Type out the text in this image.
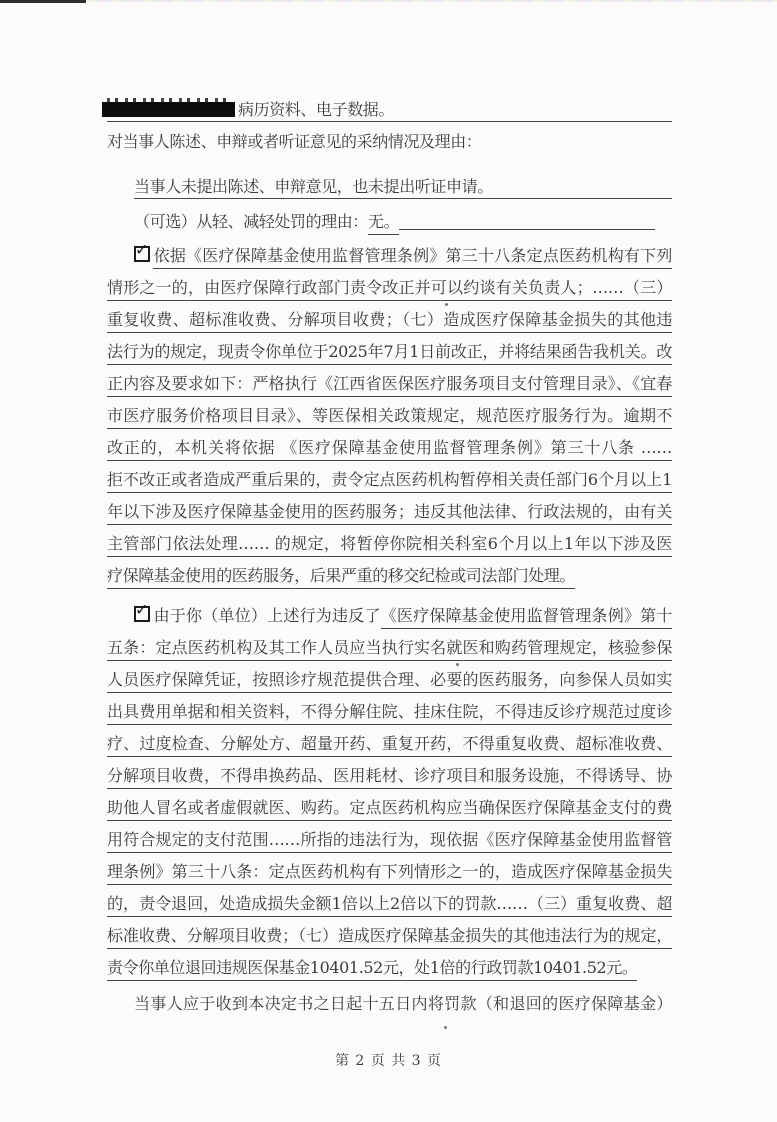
病历资料、电子数据。
对当事人陈述、申辩或者听证意见的采纳情况及理由：
当事人未提出陈述、申辩意见，也未提出听证申请。
（可选）从轻、减轻处罚的理由：无。
✓ 依据《医疗保障基金使用监督管理条例》第三十八条定点医药机构有下列
情形之一的，由医疗保障行政部门责令改正并可以约谈有关负责人；……（三）
重复收费、超标准收费、分解项目收费；（七）造成医疗保障基金损失的其他违
法行为的规定，现责令你单位于2025年7月1日前改正，并将结果函告我机关。改
正内容及要求如下：严格执行《江西省医保医疗服务项目支付管理目录》、《宜春
市医疗服务价格项目目录》、等医保相关政策规定，规范医疗服务行为。逾期不
改正的，本机关将依据 《医疗保障基金使用监督管理条例》第三十八条 ……
拒不改正或者造成严重后果的，责令定点医药机构暂停相关责任部门6个月以上1
年以下涉及医疗保障基金使用的医药服务；违反其他法律、行政法规的，由有关
主管部门依法处理…… 的规定，将暂停你院相关科室6个月以上1年以下涉及医
疗保障基金使用的医药服务，后果严重的移交纪检或司法部门处理。
✓ 由于你（单位）上述行为违反了《医疗保障基金使用监督管理条例》第十
五条：定点医药机构及其工作人员应当执行实名就医和购药管理规定，核验参保
人员医疗保障凭证，按照诊疗规范提供合理、必要的医药服务，向参保人员如实
出具费用单据和相关资料，不得分解住院、挂床住院，不得违反诊疗规范过度诊
疗、过度检查、分解处方、超量开药、重复开药，不得重复收费、超标准收费、
分解项目收费，不得串换药品、医用耗材、诊疗项目和服务设施，不得诱导、协
助他人冒名或者虚假就医、购药。定点医药机构应当确保医疗保障基金支付的费
用符合规定的支付范围……所指的违法行为，现依据《医疗保障基金使用监督管
理条例》第三十八条：定点医药机构有下列情形之一的，造成医疗保障基金损失
的，责令退回，处造成损失金额1倍以上2倍以下的罚款……（三）重复收费、超
标准收费、分解项目收费；（七）造成医疗保障基金损失的其他违法行为的规定，
责令你单位退回违规医保基金10401.52元，处1倍的行政罚款10401.52元。
当事人应于收到本决定书之日起十五日内将罚款（和退回的医疗保障基金）
第 2 页 共 3 页
